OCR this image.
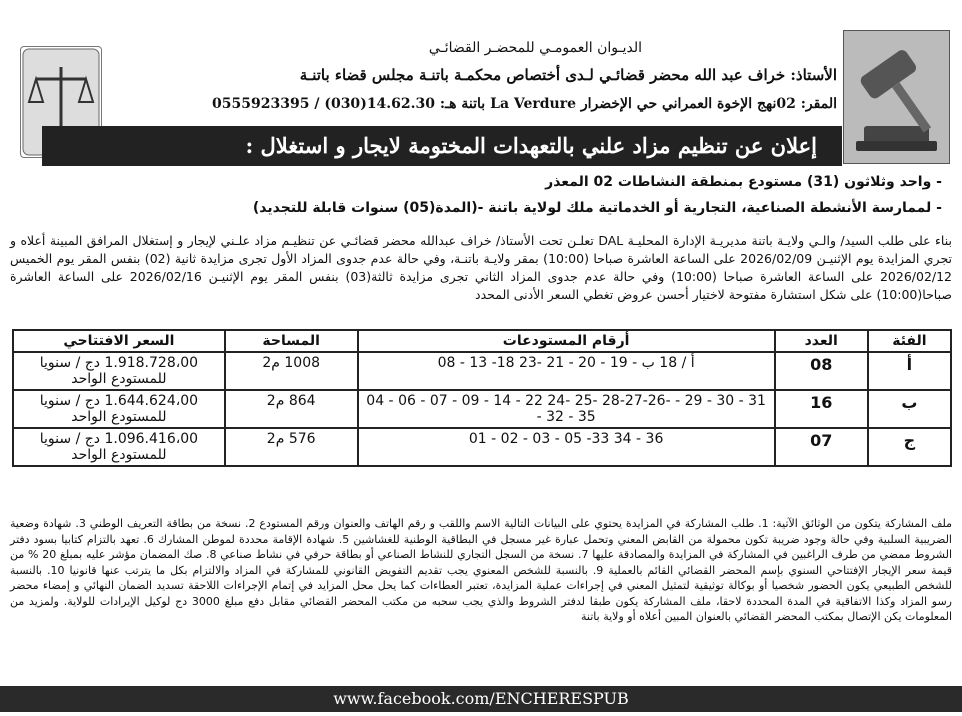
الديـوان العمومـي للمحضـر القضائـي
الأستاذ: خراف عبد الله محضر قضائـي لـدى أختصاص محكمـة باتنـة مجلس قضاء باتنـة
المقر: 02نهج الإخوة العمراني حي الإخضرار La Verdure باتنة هـ: 14.62.30(030) / 0555923395
إعلان عن تنظيم مزاد علني بالتعهدات المختومة لايجار و استغلال :
- واحد وثلاثون (31) مستودع بمنطقة النشاطات 02 المعذر
- لممارسة الأنشطة الصناعية، التجارية أو الخدماتية ملك لولاية باتنة -(المدة(05) سنوات قابلة للتجديد)
بناء على طلب السيد/ والـي ولايـة باتنة مديريـة الإدارة المحليـة DAL تعلـن تحت الأستاذ/ خراف عبدالله محضر قضائـي عن تنظيـم مزاد علـني لإيجار و إستغلال المرافق المبينة أعلاه و تجري المزايدة يوم الإثنيـن 2026/02/09 على الساعة العاشرة صباحا (10:00) بمقر ولايـة باتنـة، وفي حالة عدم جدوى المزاد الأول تجرى مزايدة ثانية (02) بنفس المقر يوم الخميس 2026/02/12 على الساعة العاشرة صباحا (10:00) وفي حالة عدم جدوى المزاد الثاني تجرى مزايدة ثالثة(03) بنفس المقر يوم الإثنيـن 2026/02/16 على الساعة العاشرة صباحا(10:00) على شكل استشارة مفتوحة لاختيار أحسن عروض تغطي السعر الأدنى المحدد
الفئة	العدد	أرقام المستودعات	المساحة	السعر الافتتاحي
أ	08	08 - 13 -18 أ / 18 ب - 19 - 20 - 21 -23	1008 م2	1.918.728،00 دج / سنويا للمستودع الواحد
ب	16	04 - 06 - 07 - 09 - 14 - 22 24- 25- 28-27-26- - 29 - 30 - 31 - 32 - 35	864 م2	1.644.624،00 دج / سنويا للمستودع الواحد
ج	07	01 - 02 - 03 - 05 -33 34 - 36	576 م2	1.096.416،00 دج / سنويا للمستودع الواحد
ملف المشاركة يتكون من الوثائق الآتية: 1. طلب المشاركة في المزايدة يحتوي على البيانات التالية الاسم واللقب و رقم الهاتف والعنوان ورقم المستودع 2. نسخة من بطاقة التعريف الوطني 3. شهادة وضعية الضريبية السلبية وفي حالة وجود ضريبة تكون محمولة من القابض المعني وتحمل عبارة غير مسجل في البطاقية الوطنية للغشاشين 5. شهادة الإقامة محددة لموطن المشارك 6. تعهد بالتزام كتابيا بسود دفتر الشروط ممضي من طرف الراغبين في المشاركة في المزايدة والمصادقة عليها 7. نسخة من السجل التجاري للنشاط الصناعي أو بطاقة حرفي في نشاط صناعي 8. صك المضمان مؤشر عليه بمبلغ 20 % من قيمة سعر الإيجار الإفتتاحي السنوي بإسم المحضر القضائي القائم بالعملية 9. بالنسبة للشخص المعنوي يجب تقديم التفويض القانوني للمشاركة في المزاد والالتزام بكل ما يترتب عنها قانونيا 10. بالنسبة للشخص الطبيعي يكون الحضور شخصيا أو بوكالة توثيقية لتمثيل المعني في إجراءات عملية المزايدة، تعتبر العطاءات كما يحل محل المزايد في إتمام الإجراءات اللاحقة تسديد الضمان النهائي و إمضاء محضر رسو المزاد وكذا الاتفاقية في المدة المحددة لاحقا، ملف المشاركة يكون طبقا لدفتر الشروط والذي يجب سحبه من مكتب المحضر القضائي مقابل دفع مبلغ 3000 دج لوكيل الإيرادات للولاية. ولمزيد من المعلومات يكن الإتصال بمكتب المحضر القضائي بالعنوان المبين أعلاه أو ولاية باتنة
www.facebook.com/ENCHERESPUB
